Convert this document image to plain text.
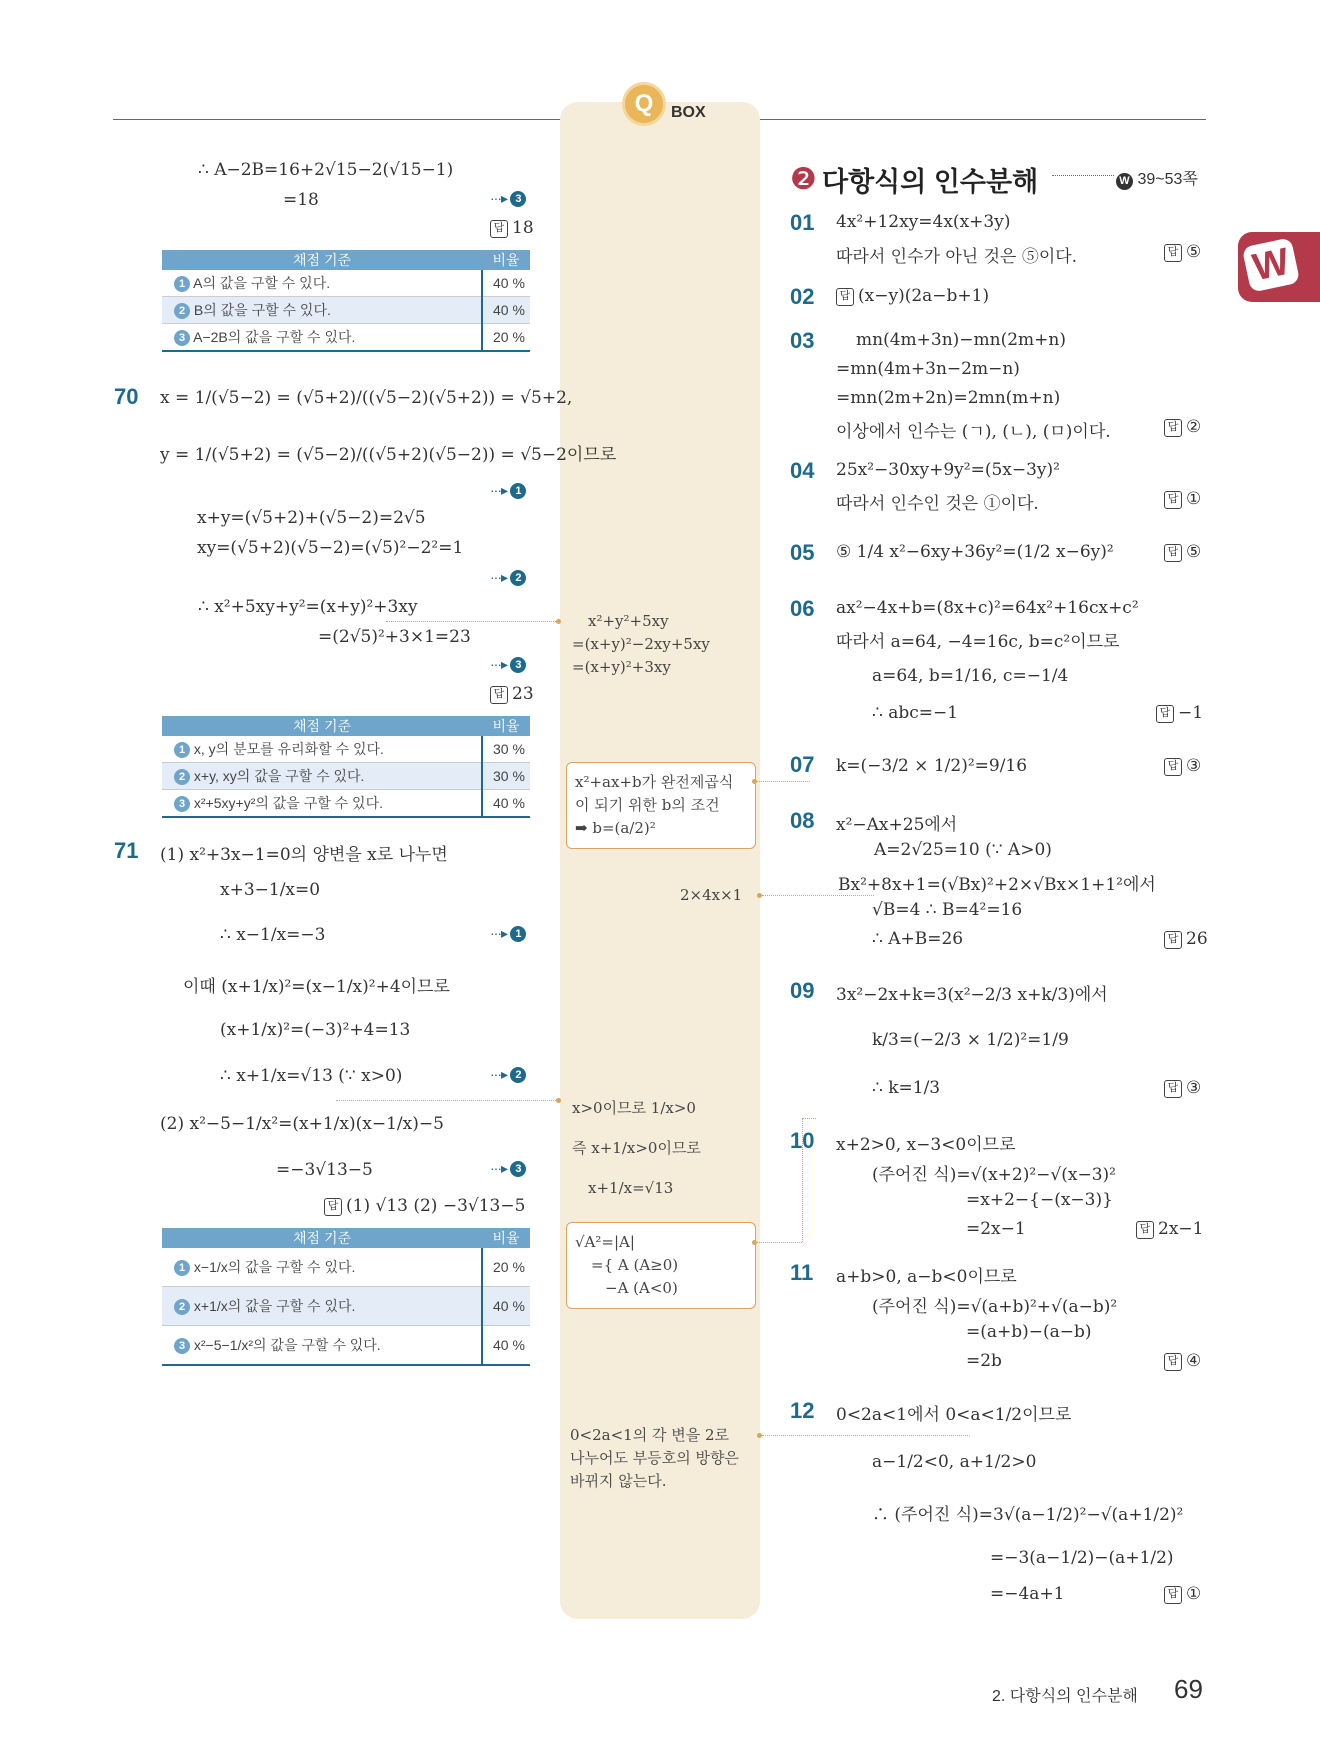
Q	BOX
W
∴ A−2B=16+2√15−2(√15−1)
=18	···▸ 3
답 18
채점 기준	비율
1 A의 값을 구할 수 있다.	40 %
2 B의 값을 구할 수 있다.	40 %
3 A−2B의 값을 구할 수 있다.	20 %
70 x = 1/(√5−2) = (√5+2)/((√5−2)(√5+2)) = √5+2,
y = 1/(√5+2) = (√5−2)/((√5+2)(√5−2)) = √5−2이므로
···▸ 1
x+y=(√5+2)+(√5−2)=2√5
xy=(√5+2)(√5−2)=(√5)²−2²=1
···▸ 2
∴ x²+5xy+y²=(x+y)²+3xy
=(2√5)²+3×1=23
···▸ 3
답 23
채점 기준	비율
1 x, y의 분모를 유리화할 수 있다.	30 %
2 x+y, xy의 값을 구할 수 있다.	30 %
3 x²+5xy+y²의 값을 구할 수 있다.	40 %
71 (1) x²+3x−1=0의 양변을 x로 나누면
x+3−1/x=0
∴ x−1/x=−3	···▸ 1
이때 (x+1/x)²=(x−1/x)²+4이므로
(x+1/x)²=(−3)²+4=13
∴ x+1/x=√13 (∵ x>0)	···▸ 2
(2) x²−5−1/x²=(x+1/x)(x−1/x)−5
=−3√13−5	···▸ 3
답 (1) √13 (2) −3√13−5
채점 기준	비율
1 x−1/x의 값을 구할 수 있다.	20 %
2 x+1/x의 값을 구할 수 있다.	40 %
3 x²−5−1/x²의 값을 구할 수 있다.	40 %
x²+y²+5xy
=(x+y)²−2xy+5xy
=(x+y)²+3xy
x²+ax+b가 완전제곱식
이 되기 위한 b의 조건
➡ b=(a/2)²
2×4x×1
x>0이므로 1/x>0
즉 x+1/x>0이므로
x+1/x=√13
√A²=|A|
={ A (A≥0)
−A (A<0)
0<2a<1의 각 변을 2로
나누어도 부등호의 방향은
바뀌지 않는다.
❷ 다항식의 인수분해	W 39~53쪽
01 4x²+12xy=4x(x+3y)
따라서 인수가 아닌 것은 ⑤이다.	답 ⑤
02	답 (x−y)(2a−b+1)
03 mn(4m+3n)−mn(2m+n)
=mn(4m+3n−2m−n)
=mn(2m+2n)=2mn(m+n)
이상에서 인수는 (ㄱ), (ㄴ), (ㅁ)이다.	답 ②
04 25x²−30xy+9y²=(5x−3y)²
따라서 인수인 것은 ①이다.	답 ①
05 ⑤ 1/4 x²−6xy+36y²=(1/2 x−6y)²	답 ⑤
06 ax²−4x+b=(8x+c)²=64x²+16cx+c²
따라서 a=64, −4=16c, b=c²이므로
a=64, b=1/16, c=−1/4
∴ abc=−1	답 −1
07 k=(−3/2 × 1/2)²=9/16	답 ③
08 x²−Ax+25에서
A=2√25=10 (∵ A>0)
Bx²+8x+1=(√Bx)²+2×√Bx×1+1²에서
√B=4 ∴ B=4²=16
∴ A+B=26	답 26
09 3x²−2x+k=3(x²−2/3 x+k/3)에서
k/3=(−2/3 × 1/2)²=1/9
∴ k=1/3	답 ③
10 x+2>0, x−3<0이므로
(주어진 식)=√(x+2)²−√(x−3)²
=x+2−{−(x−3)}
=2x−1	답 2x−1
11 a+b>0, a−b<0이므로
(주어진 식)=√(a+b)²+√(a−b)²
=(a+b)−(a−b)
=2b	답 ④
12 0<2a<1에서 0<a<1/2이므로
a−1/2<0, a+1/2>0
∴ (주어진 식)=3√(a−1/2)²−√(a+1/2)²
=−3(a−1/2)−(a+1/2)
=−4a+1	답 ①
2. 다항식의 인수분해 69
